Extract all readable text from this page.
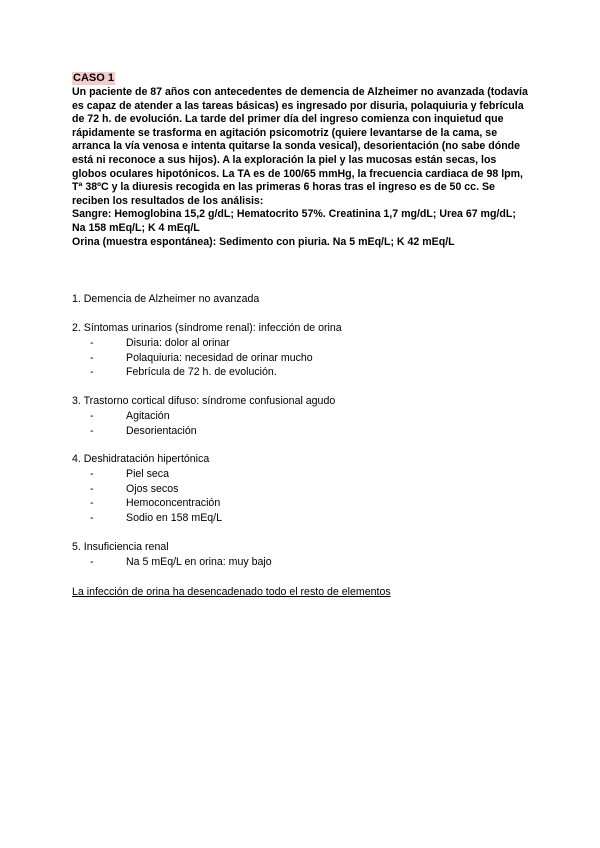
CASO 1

Un paciente de 87 años con antecedentes de demencia de Alzheimer no avanzada (todavía es capaz de atender a las tareas básicas) es ingresado por disuria, polaquiuria y febrícula de 72 h. de evolución. La tarde del primer día del ingreso comienza con inquietud que rápidamente se trasforma en agitación psicomotriz (quiere levantarse de la cama, se arranca la vía venosa e intenta quitarse la sonda vesical), desorientación (no sabe dónde está ni reconoce a sus hijos). A la exploración la piel y las mucosas están secas, los globos oculares hipotónicos. La TA es de 100/65 mmHg, la frecuencia cardiaca de 98 lpm, Tª 38ºC y la diuresis recogida en las primeras 6 horas tras el ingreso es de 50 cc. Se reciben los resultados de los análisis:

Sangre: Hemoglobina 15,2 g/dL; Hematocrito 57%. Creatinina 1,7 mg/dL; Urea 67 mg/dL; Na 158 mEq/L; K 4 mEq/L

Orina (muestra espontánea): Sedimento con piuria. Na 5 mEq/L; K 42 mEq/L

1. Demencia de Alzheimer no avanzada
2. Síntomas urinarios (síndrome renal): infección de orina
-	Disuria: dolor al orinar
-	Polaquiuria: necesidad de orinar mucho
-	Febrícula de 72 h. de evolución.
3. Trastorno cortical difuso: síndrome confusional agudo
-	Agitación
-	Desorientación
4. Deshidratación hipertónica
-	Piel seca
-	Ojos secos
-	Hemoconcentración
-	Sodio en 158 mEq/L
5. Insuficiencia renal
-	Na 5 mEq/L en orina: muy bajo
La infección de orina ha desencadenado todo el resto de elementos
